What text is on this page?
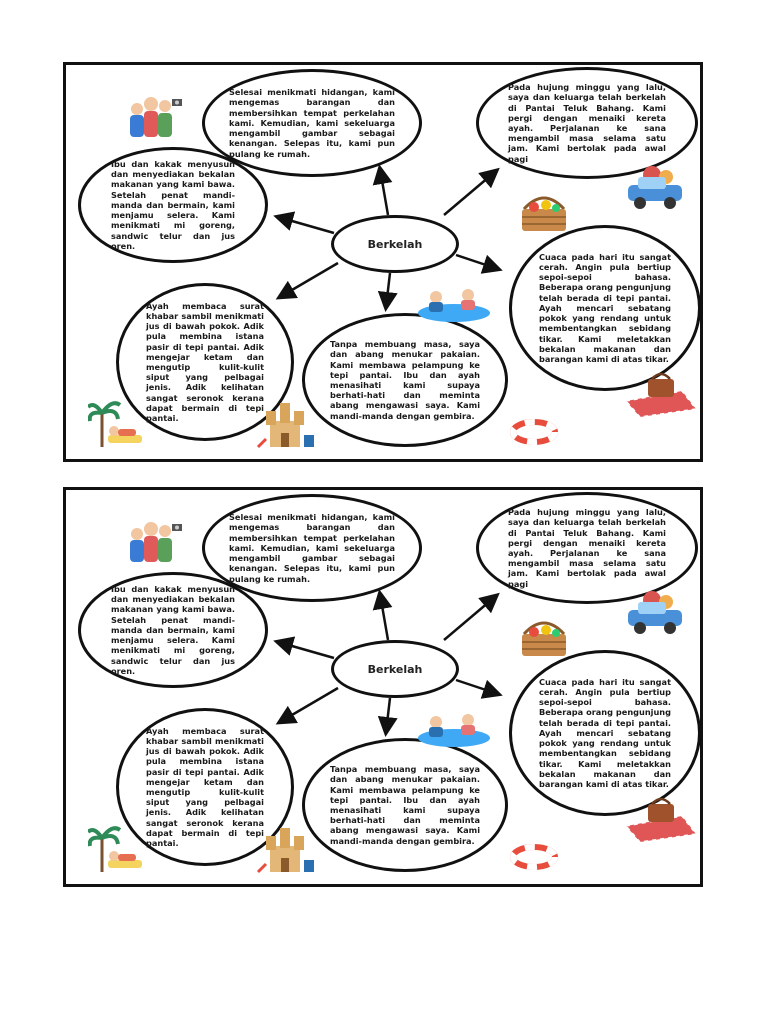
Berkelah
Selesai menikmati hidangan, kami mengemas barangan dan membersihkan tempat perkelahan kami. Kemudian, kami sekeluarga mengambil gambar sebagai kenangan. Selepas itu, kami pun pulang ke rumah.
Pada hujung minggu yang lalu, saya dan keluarga telah berkelah di Pantai Teluk Bahang. Kami pergi dengan menaiki kereta ayah. Perjalanan ke sana mengambil masa selama satu jam. Kami bertolak pada awal pagi
Ibu dan kakak menyusun dan menyediakan bekalan makanan yang kami bawa. Setelah penat mandi-manda dan bermain, kami menjamu selera. Kami menikmati mi goreng, sandwic telur dan jus oren.
Cuaca pada hari itu sangat cerah. Angin pula bertiup sepoi-sepoi bahasa. Beberapa orang pengunjung telah berada di tepi pantai. Ayah mencari sebatang pokok yang rendang untuk membentangkan sebidang tikar. Kami meletakkan bekalan makanan dan barangan kami di atas tikar.
Ayah membaca surat khabar sambil menikmati jus di bawah pokok. Adik pula membina istana pasir di tepi pantai. Adik mengejar ketam dan mengutip kulit-kulit siput yang pelbagai jenis. Adik kelihatan sangat seronok kerana dapat bermain di tepi pantai.
Tanpa membuang masa, saya dan abang menukar pakaian. Kami membawa pelampung ke tepi pantai. Ibu dan ayah menasihati kami supaya berhati-hati dan meminta abang mengawasi saya. Kami mandi-manda dengan gembira.
Berkelah
Selesai menikmati hidangan, kami mengemas barangan dan membersihkan tempat perkelahan kami. Kemudian, kami sekeluarga mengambil gambar sebagai kenangan. Selepas itu, kami pun pulang ke rumah.
Pada hujung minggu yang lalu, saya dan keluarga telah berkelah di Pantai Teluk Bahang. Kami pergi dengan menaiki kereta ayah. Perjalanan ke sana mengambil masa selama satu jam. Kami bertolak pada awal pagi
Ibu dan kakak menyusun dan menyediakan bekalan makanan yang kami bawa. Setelah penat mandi-manda dan bermain, kami menjamu selera. Kami menikmati mi goreng, sandwic telur dan jus oren.
Cuaca pada hari itu sangat cerah. Angin pula bertiup sepoi-sepoi bahasa. Beberapa orang pengunjung telah berada di tepi pantai. Ayah mencari sebatang pokok yang rendang untuk membentangkan sebidang tikar. Kami meletakkan bekalan makanan dan barangan kami di atas tikar.
Ayah membaca surat khabar sambil menikmati jus di bawah pokok. Adik pula membina istana pasir di tepi pantai. Adik mengejar ketam dan mengutip kulit-kulit siput yang pelbagai jenis. Adik kelihatan sangat seronok kerana dapat bermain di tepi pantai.
Tanpa membuang masa, saya dan abang menukar pakaian. Kami membawa pelampung ke tepi pantai. Ibu dan ayah menasihati kami supaya berhati-hati dan meminta abang mengawasi saya. Kami mandi-manda dengan gembira.
